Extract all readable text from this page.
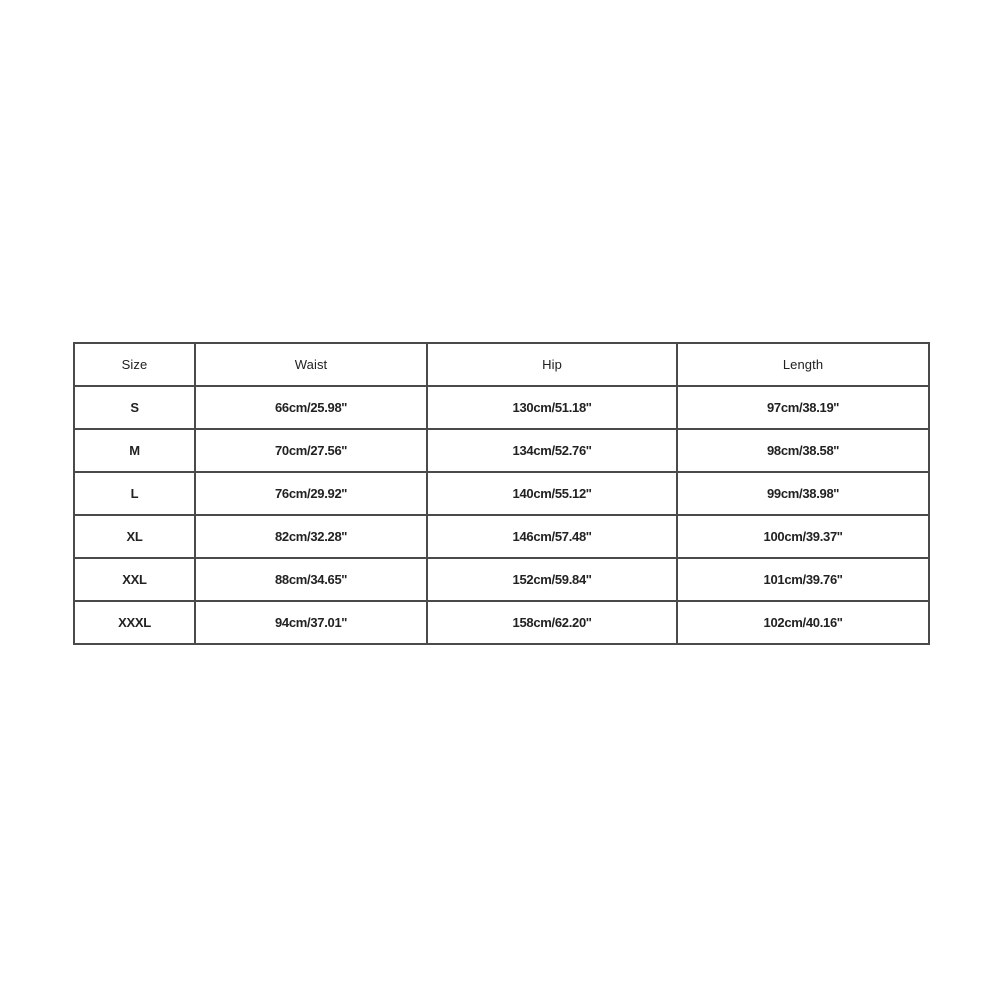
Size	Waist	Hip	Length
S	66cm/25.98''	130cm/51.18''	97cm/38.19''
M	70cm/27.56''	134cm/52.76''	98cm/38.58''
L	76cm/29.92''	140cm/55.12''	99cm/38.98''
XL	82cm/32.28''	146cm/57.48''	100cm/39.37''
XXL	88cm/34.65''	152cm/59.84''	101cm/39.76''
XXXL	94cm/37.01''	158cm/62.20''	102cm/40.16''
